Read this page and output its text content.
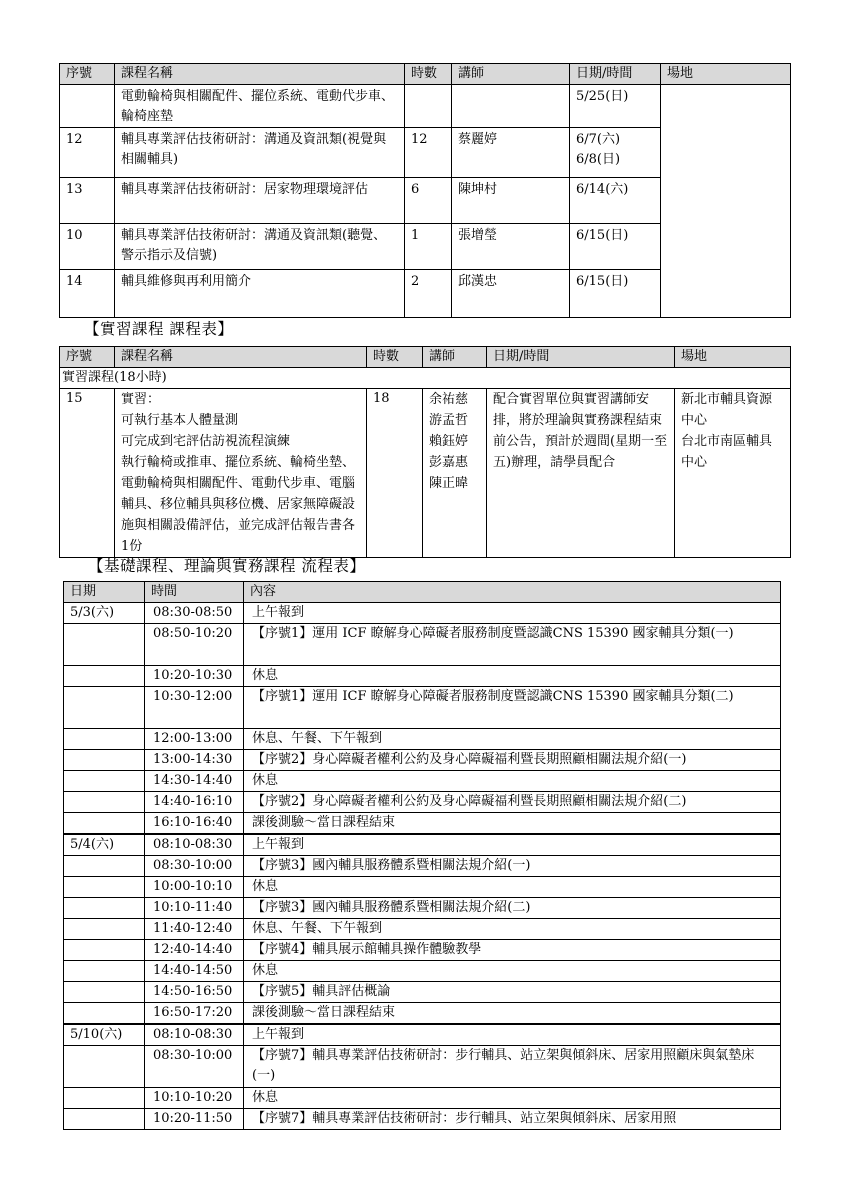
序號	課程名稱	時數	講師	日期/時間	場地
	電動輪椅與相關配件、擺位系統、電動代步車、輪椅座墊			5/25(日)	
12	輔具專業評估技術研討：溝通及資訊類(視覺與相關輔具)	12	蔡麗婷	6/7(六)
6/8(日)	
13	輔具專業評估技術研討：居家物理環境評估	6	陳坤村	6/14(六)	
10	輔具專業評估技術研討：溝通及資訊類(聽覺、警示指示及信號)	1	張增瑩	6/15(日)	
14	輔具維修與再利用簡介	2	邱漢忠	6/15(日)	
【實習課程 課程表】
序號	課程名稱	時數	講師	日期/時間	場地
實習課程(18小時)					
15	實習：
可執行基本人體量測
可完成到宅評估訪視流程演練
執行輪椅或推車、擺位系統、輪椅坐墊、電動輪椅與相關配件、電動代步車、電腦輔具、移位輔具與移位機、居家無障礙設施與相關設備評估，並完成評估報告書各1份	18	余祐慈
游孟哲
賴鈺婷
彭嘉惠
陳正暐	配合實習單位與實習講師安排，將於理論與實務課程結束前公告，預計於週間(星期一至五)辦理，請學員配合	新北市輔具資源中心
台北市南區輔具中心
【基礎課程、理論與實務課程 流程表】
日期	時間	內容
5/3(六)	08:30-08:50	上午報到
	08:50-10:20	【序號1】運用 ICF 瞭解身心障礙者服務制度暨認識CNS 15390 國家輔具分類(一)
	10:20-10:30	休息
	10:30-12:00	【序號1】運用 ICF 瞭解身心障礙者服務制度暨認識CNS 15390 國家輔具分類(二)
	12:00-13:00	休息、午餐、下午報到
	13:00-14:30	【序號2】身心障礙者權利公約及身心障礙福利暨長期照顧相關法規介紹(一)
	14:30-14:40	休息
	14:40-16:10	【序號2】身心障礙者權利公約及身心障礙福利暨長期照顧相關法規介紹(二)
	16:10-16:40	課後測驗～當日課程結束
5/4(六)	08:10-08:30	上午報到
	08:30-10:00	【序號3】國內輔具服務體系暨相關法規介紹(一)
	10:00-10:10	休息
	10:10-11:40	【序號3】國內輔具服務體系暨相關法規介紹(二)
	11:40-12:40	休息、午餐、下午報到
	12:40-14:40	【序號4】輔具展示館輔具操作體驗教學
	14:40-14:50	休息
	14:50-16:50	【序號5】輔具評估概論
	16:50-17:20	課後測驗～當日課程結束
5/10(六)	08:10-08:30	上午報到
	08:30-10:00	【序號7】輔具專業評估技術研討：步行輔具、站立架與傾斜床、居家用照顧床與氣墊床(一)
	10:10-10:20	休息
	10:20-11:50	【序號7】輔具專業評估技術研討：步行輔具、站立架與傾斜床、居家用照
